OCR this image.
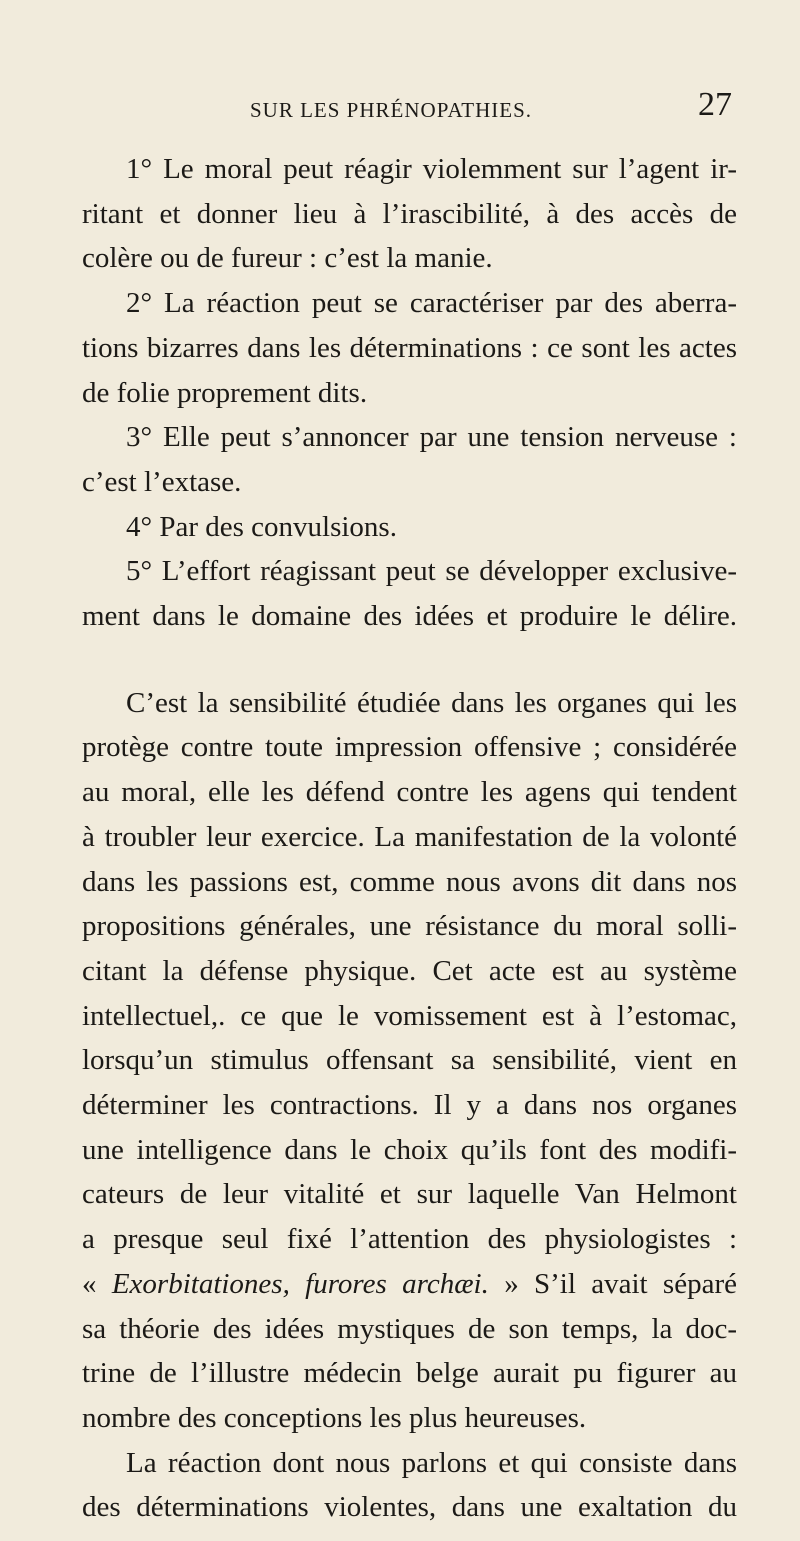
SUR LES PHRÉNOPATHIES.	27
1° Le moral peut réagir violemment sur l’agent ir-
ritant et donner lieu à l’irascibilité, à des accès de
colère ou de fureur : c’est la manie.
2° La réaction peut se caractériser par des aberra-
tions bizarres dans les déterminations : ce sont les actes
de folie proprement dits.
3° Elle peut s’annoncer par une tension nerveuse :
c’est l’extase.
4° Par des convulsions.
5° L’effort réagissant peut se développer exclusive-
ment dans le domaine des idées et produire le délire.
C’est la sensibilité étudiée dans les organes qui les
protège contre toute impression offensive ; considérée
au moral, elle les défend contre les agens qui tendent
à troubler leur exercice. La manifestation de la volonté
dans les passions est, comme nous avons dit dans nos
propositions générales, une résistance du moral solli-
citant la défense physique. Cet acte est au système
intellectuel,. ce que le vomissement est à l’estomac,
lorsqu’un stimulus offensant sa sensibilité, vient en
déterminer les contractions. Il y a dans nos organes
une intelligence dans le choix qu’ils font des modifi-
cateurs de leur vitalité et sur laquelle Van Helmont
a presque seul fixé l’attention des physiologistes :
« Exorbitationes, furores archæi. » S’il avait séparé
sa théorie des idées mystiques de son temps, la doc-
trine de l’illustre médecin belge aurait pu figurer au
nombre des conceptions les plus heureuses.
La réaction dont nous parlons et qui consiste dans
des déterminations violentes, dans une exaltation du
